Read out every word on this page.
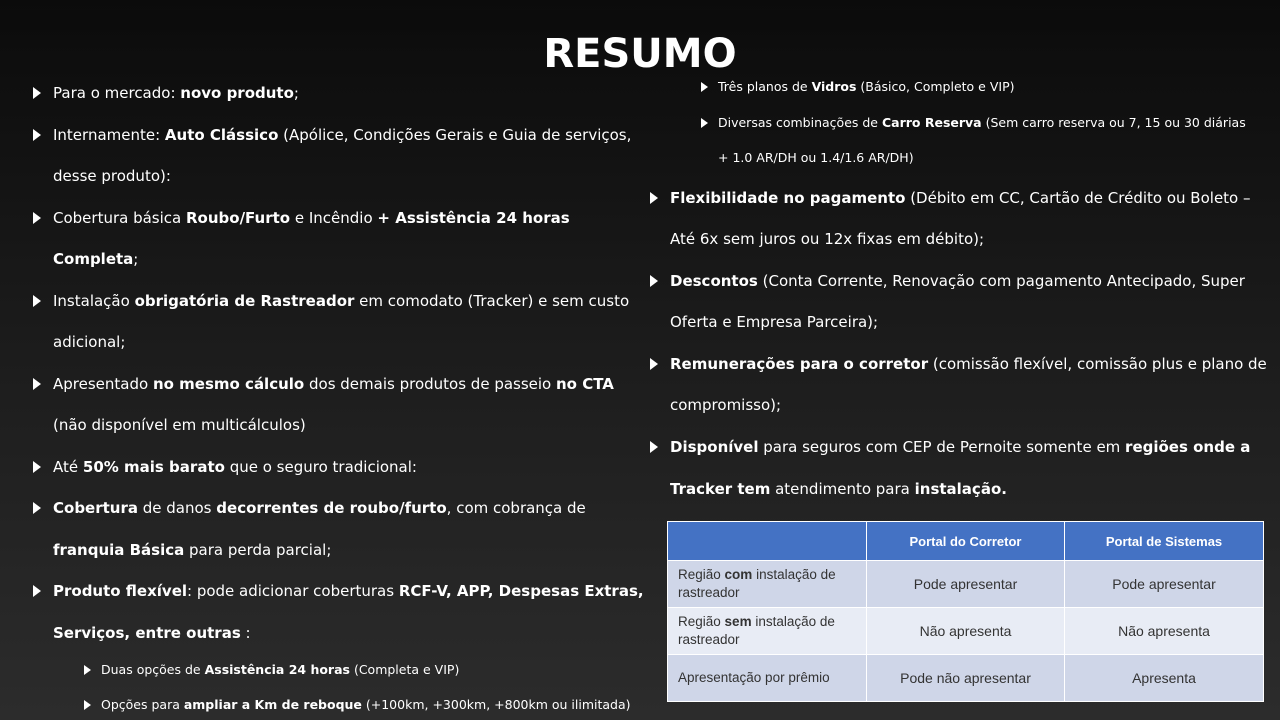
RESUMO
Para o mercado: novo produto;
Internamente: Auto Clássico (Apólice, Condições Gerais e Guia de serviços,
desse produto):
Cobertura básica Roubo/Furto e Incêndio + Assistência 24 horas
Completa;
Instalação obrigatória de Rastreador em comodato (Tracker) e sem custo
adicional;
Apresentado no mesmo cálculo dos demais produtos de passeio no CTA
(não disponível em multicálculos)
Até 50% mais barato que o seguro tradicional:
Cobertura de danos decorrentes de roubo/furto, com cobrança de
franquia Básica para perda parcial;
Produto flexível: pode adicionar coberturas RCF-V, APP, Despesas Extras,
Serviços, entre outras :
Duas opções de Assistência 24 horas (Completa e VIP)
Opções para ampliar a Km de reboque (+100km, +300km, +800km ou ilimitada)
Três planos de Vidros (Básico, Completo e VIP)
Diversas combinações de Carro Reserva (Sem carro reserva ou 7, 15 ou 30 diárias
+ 1.0 AR/DH ou 1.4/1.6 AR/DH)
Flexibilidade no pagamento (Débito em CC, Cartão de Crédito ou Boleto –
Até 6x sem juros ou 12x fixas em débito);
Descontos (Conta Corrente, Renovação com pagamento Antecipado, Super
Oferta e Empresa Parceira);
Remunerações para o corretor (comissão flexível, comissão plus e plano de
compromisso);
Disponível para seguros com CEP de Pernoite somente em regiões onde a
Tracker tem atendimento para instalação.
	Portal do Corretor	Portal de Sistemas
Região com instalação de rastreador	Pode apresentar	Pode apresentar
Região sem instalação de rastreador	Não apresenta	Não apresenta
Apresentação por prêmio	Pode não apresentar	Apresenta
